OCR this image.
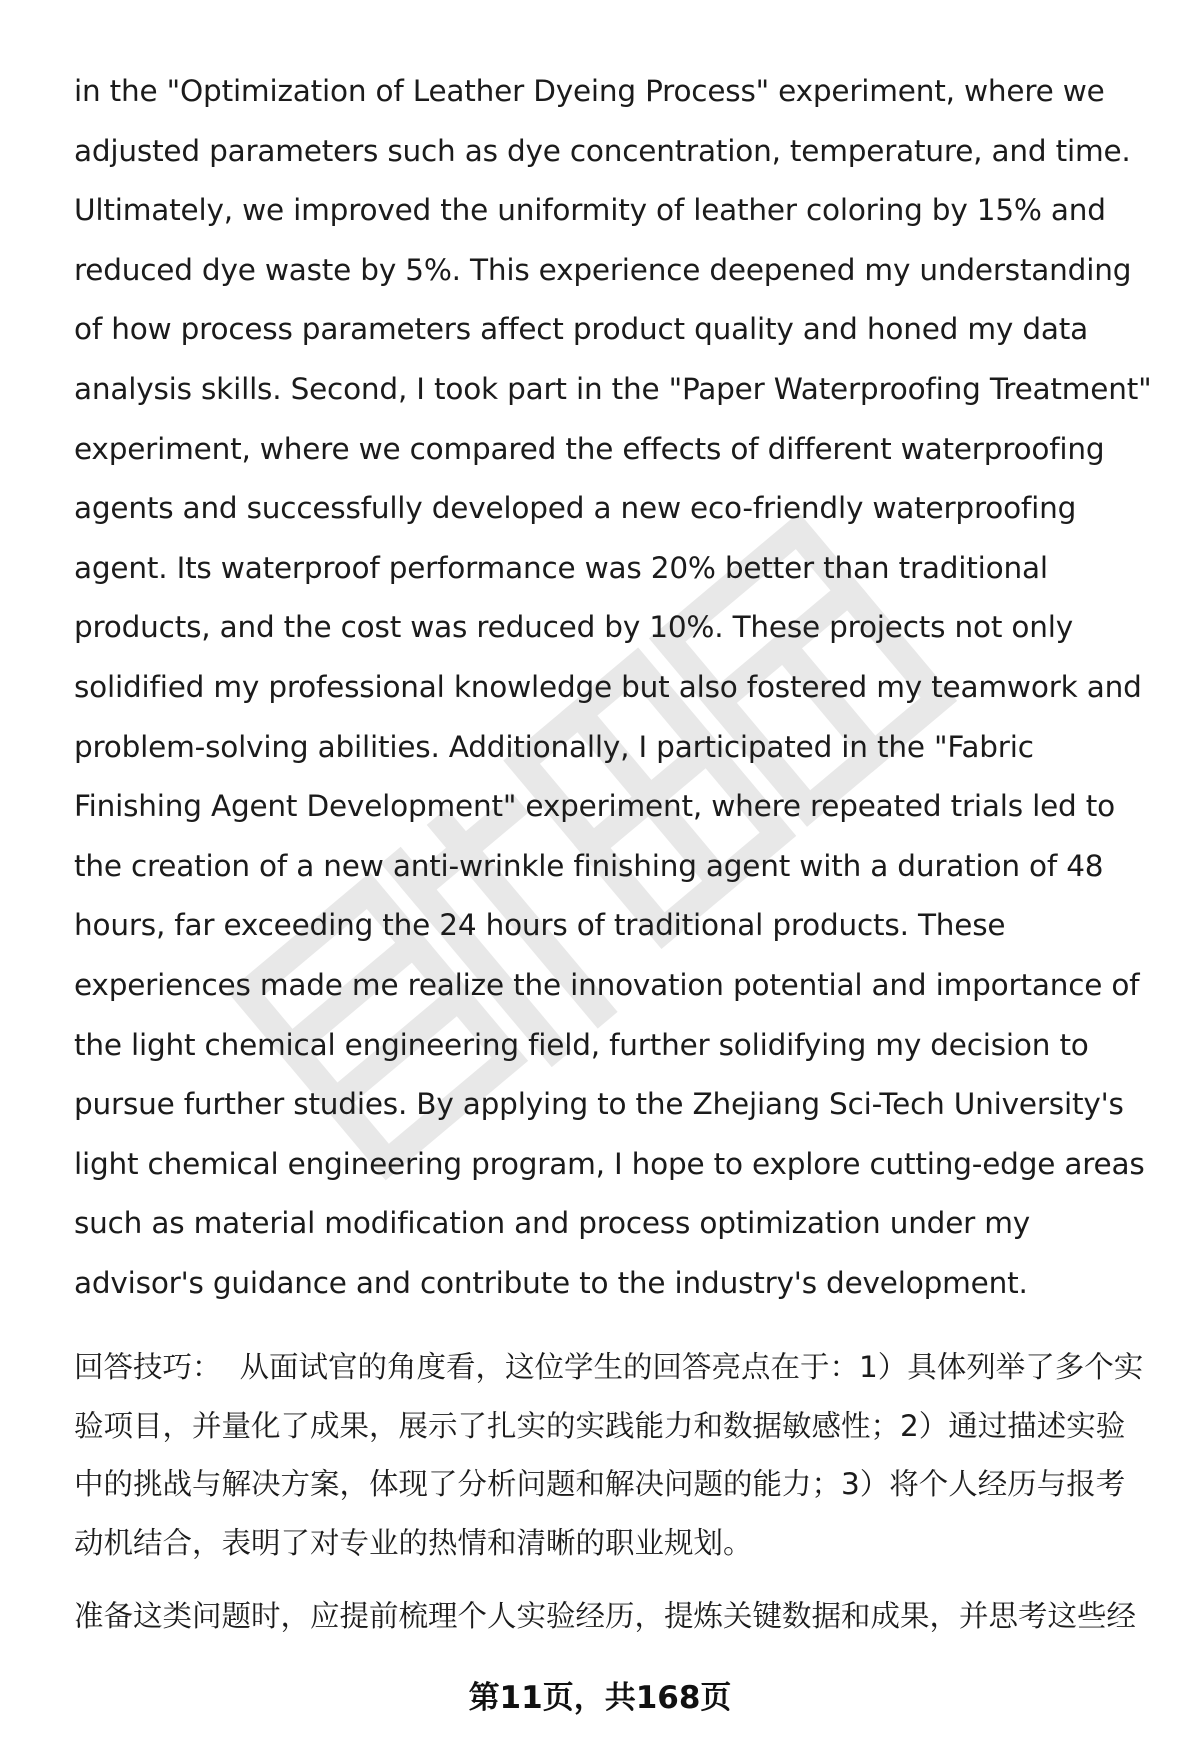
in the "Optimization of Leather Dyeing Process" experiment, where we adjusted parameters such as dye concentration, temperature, and time. Ultimately, we improved the uniformity of leather coloring by 15% and reduced dye waste by 5%. This experience deepened my understanding of how process parameters affect product quality and honed my data analysis skills. Second, I took part in the "Paper Waterproofing Treatment" experiment, where we compared the effects of different waterproofing agents and successfully developed a new eco-friendly waterproofing agent. Its waterproof performance was 20% better than traditional products, and the cost was reduced by 10%. These projects not only solidified my professional knowledge but also fostered my teamwork and problem-solving abilities. Additionally, I participated in the "Fabric Finishing Agent Development" experiment, where repeated trials led to the creation of a new anti-wrinkle finishing agent with a duration of 48 hours, far exceeding the 24 hours of traditional products. These experiences made me realize the innovation potential and importance of the light chemical engineering field, further solidifying my decision to pursue further studies. By applying to the Zhejiang Sci-Tech University's light chemical engineering program, I hope to explore cutting-edge areas such as material modification and process optimization under my advisor's guidance and contribute to the industry's development.

回答技巧： 从面试官的角度看，这位学生的回答亮点在于：1）具体列举了多个实验项目，并量化了成果，展示了扎实的实践能力和数据敏感性；2）通过描述实验中的挑战与解决方案，体现了分析问题和解决问题的能力；3）将个人经历与报考动机结合，表明了对专业的热情和清晰的职业规划。

准备这类问题时，应提前梳理个人实验经历，提炼关键数据和成果，并思考这些经

第11页，共168页
